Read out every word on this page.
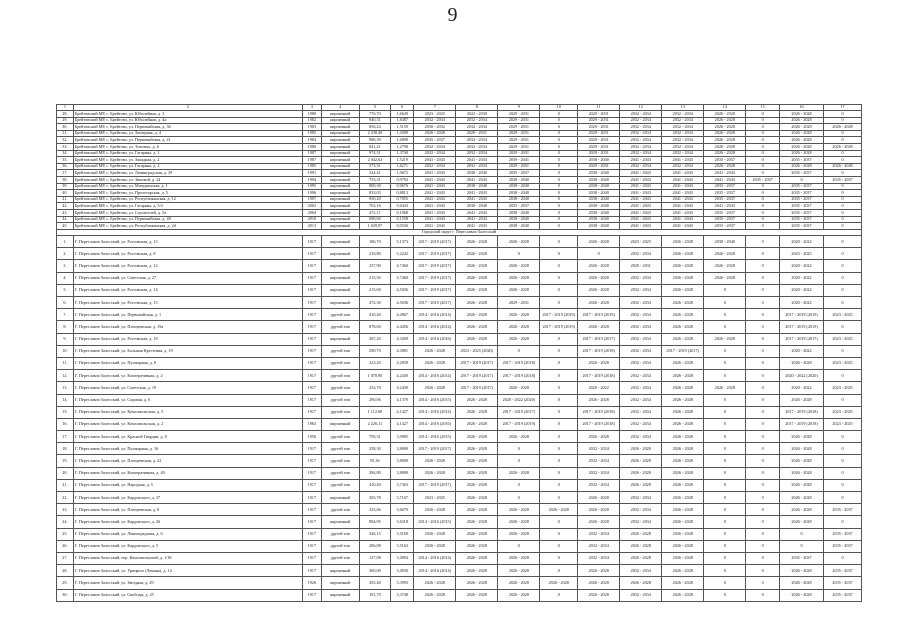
9
1	2	3	4	5	6	7	8	9	10	11	12	13	14	15	16	17
28.	Брейтовский МР, с. Брейтово, ул. Юбилейная, д. 3	1980	кирпичный	776,70	1,6649	2023 - 2025	2022 - 2030	2029 - 2031	0	2029 - 2031	2032 - 2034	2032 - 2034	2026 - 2028	0	2026 - 2028	0
29.	Брейтовский МР, с. Брейтово, ул. Юбилейная, д. 4а	1982	кирпичный	940,31	1,8487	2032 - 2034	2032 - 2034	2029 - 2031	0	2029 - 2031	2032 - 2034	2032 - 2034	2026 - 2028	0	2026 - 2028	0
30.	Брейтовский МР, с. Брейтово, ул. Первомайская, д. 36	1983	кирпичный	856,24	1,5159	2030 - 2032	2032 - 2034	2029 - 2031	0	2029 - 2031	2032 - 2034	2032 - 2034	2026 - 2028	0	2026 - 2028	2026 - 2028
31.	Брейтовский МР, с. Брейтово, ул. Заозерная, д. 4	1985	кирпичный	2 238,40	1,4309	2026 - 2028	2029 - 2031	2029 - 2031	0	2029 - 2031	2032 - 2034	2032 - 2034	2026 - 2028	0	2026 - 2028	0
32.	Брейтовский МР, с. Брейтово, ул. Первомайская, д. 41	1984	кирпичный	986,39	1,6898	2035 - 2037	2032 - 2034	2029 - 2031	0	2029 - 2031	2032 - 2034	2032 - 2034	2026 - 2028	0	2026 - 2028	0
33.	Брейтовский МР, с. Брейтово, ул. Титовых, д. 6	1986	кирпичный	841,21	1,2798	2032 - 2034	2032 - 2034	2029 - 2031	0	2029 - 2031	2032 - 2034	2032 - 2034	2026 - 2028	0	2026 - 2028	2026 - 2028
34.	Брейтовский МР, с. Брейтово, ул. Гагарина, д. 1	1987	кирпичный	974,31	1,3740	2032 - 2034	2032 - 2034	2029 - 2031	0	2029 - 2031	2032 - 2034	2032 - 2034	2026 - 2028	0	2026 - 2028	0
35.	Брейтовский МР, с. Брейтово, ул. Западная, д. 2	1987	кирпичный	2 042,62	1,5219	2041 - 2043	2041 - 2043	2039 - 2041	0	2038 - 2040	2041 - 2043	2041 - 2043	2035 - 2037	0	2035 - 2037	0
36.	Брейтовский МР, с. Брейтово, ул. Гагарина, д. 2	1985	кирпичный	573,31	1,6271	2032 - 2034	2032 - 2034	2029 - 2031	0	2029 - 2031	2032 - 2034	2032 - 2034	2026 - 2028	0	2026 - 2028	2026 - 2028
37.	Брейтовский МР, с. Брейтово, ул. Ленинградская, д. 39	1991	кирпичный	324,41	1,0672	2041 - 2043	2038 - 2040	2035 - 2037	0	2038 - 2040	2041 - 2043	2041 - 2043	2041 - 2043	0	2035 - 2037	0
38.	Брейтовский МР, с. Брейтово, ул. Зиновой, д. 24	1994	кирпичный	753,31	0,9792	2041 - 2043	2041 - 2043	2038 - 2040	0	2038 - 2040	2041 - 2043	2041 - 2043	2041 - 2043	2035 - 2037	0	2035 - 2037
39.	Брейтовский МР, с. Брейтово, ул. Мичуринская, д. 1	1995	кирпичный	800,30	0,9676	2041 - 2043	2038 - 2040	2038 - 2040	0	2038 - 2040	2041 - 2043	2041 - 2043	2035 - 2037	0	2035 - 2037	0
40.	Брейтовский МР, с. Брейтово, ул. Пролетарская, д. 5	1996	кирпичный	833,03	0,8813	2041 - 2043	2041 - 2043	2038 - 2040	0	2038 - 2040	2041 - 2043	2041 - 2043	2035 - 2037	0	2035 - 2037	0
41.	Брейтовский МР, с. Брейтово, ул. Республиканская, д. 12	1997	кирпичный	950,20	0,7055	2041 - 2043	2041 - 2043	2038 - 2040	0	2038 - 2040	2041 - 2043	2041 - 2043	2035 - 2037	0	2035 - 2037	0
42.	Брейтовский МР, с. Брейтово, ул. Гагарина, д. 5/4	2002	кирпичный	702,16	0,6443	2041 - 2043	2038 - 2040	2035 - 2037	0	2038 - 2040	2041 - 2043	2041 - 2043	2041 - 2043	0	2035 - 2037	0
43.	Брейтовский МР, с. Брейтово, ул. Строителей, д. 5а	2004	кирпичный	472,11	0,1968	2041 - 2043	2041 - 2043	2038 - 2040	0	2038 - 2040	2041 - 2043	2041 - 2043	2035 - 2037	0	2035 - 2037	0
44.	Брейтовский МР, с. Брейтово, ул. Первомайская, д. 48	2010	кирпичный	690,60	0,1558	2041 - 2043	2041 - 2043	2038 - 2040	0	2038 - 2040	2041 - 2043	2041 - 2043	2035 - 2037	0	2035 - 2037	0
45.	Брейтовский МР, с. Брейтово, ул. Республиканская, д. 2d	2013	кирпичный	1 639,97	0,0336	2041 - 2043	2041 - 2043	2038 - 2040	0	2038 - 2040	2041 - 2043	2041 - 2043	2035 - 2037	0	2035 - 2037	0
Городской округ г. Переславль-Залесский																
1.	Г. Переславль-Залесский, ул. Ростовская, д. 13	1917	кирпичный	186,70	5,1373	2017 - 2019 (2017)	2026 - 2028	2026 - 2028	0	2026 - 2028	2023 - 2025	2026 - 2028	2038 - 2040	0	2020 - 2022	0
2.	Г. Переславль-Залесский, ул. Ростовская, д. 8	1917	кирпичный	210,80	5,2242	2017 - 2019 (2017)	2026 - 2028	0	0	0	2032 - 2034	2026 - 2028	2026 - 2028	0	2023 - 2025	0
3.	Г. Переславль-Залесский, ул. Ростовская, д. 12	1917	кирпичный	237,90	4,7460	2017 - 2019 (2017)	2026 - 2028	2026 - 2028	0	2026 - 2028	2029 - 2031	2026 - 2028	2026 - 2028	0	2020 - 2022	0
4.	Г. Переславль-Залесский, ул. Советская, д. 27	1917	кирпичный	213,50	4,7460	2017 - 2019 (2017)	2026 - 2028	2026 - 2028	0	2026 - 2028	2032 - 2034	2026 - 2028	2026 - 2028	0	2020 - 2022	0
5.	Г. Переславль-Залесский, ул. Ростовская, д. 14	1917	кирпичный	215,60	4,5036	2017 - 2019 (2017)	2026 - 2028	2026 - 2028	0	2026 - 2028	2032 - 2034	2026 - 2028	0	0	2020 - 2022	0
6.	Г. Переславль-Залесский, ул. Ростовская, д. 15	1917	кирпичный	472,30	4,5036	2017 - 2019 (2017)	2026 - 2028	2029 - 2031	0	2026 - 2028	2032 - 2034	2026 - 2028	0	0	2020 - 2022	0
7.	Г. Переславль-Залесский, ул. Первомайская, д. 1	1917	другой тип	410,40	4,4967	2014 - 2016 (2014)	2026 - 2028	2026 - 2028	2017 - 2019 (2019)	2017 - 2019 (2019)	2032 - 2034	2026 - 2028	0	0	2017 - 2019 (2019)	2023 - 2025
8.	Г. Переславль-Залесский, ул. Плещеевская, д. 19а	1917	другой тип	878,60	4,4456	2014 - 2016 (2014)	2026 - 2028	2026 - 2028	2017 - 2019 (2019)	2026 - 2028	2032 - 2034	2026 - 2028	0	0	2017 - 2019 (2019)	0
9.	Г. Переславль-Залесский, ул. Ростовская, д. 18	1917	кирпичный	367,20	4,3269	2014 - 2016 (2016)	2026 - 2028	2026 - 2028	0	2017 - 2019 (2017)	2032 - 2034	2026 - 2028	2026 - 2028	0	2017 - 2019 (2017)	2023 - 2025
10.	Г. Переславль-Залесский, ул. Большая Крестовая, д. 19	1917	другой тип	290,70	4,3081	2026 - 2028	2023 - 2025 (2020)	0	0	2017 - 2019 (2018)	2032 - 2034	2017 - 2019 (2017)	0	0	2020 - 2022	0
11.	Г. Переславль-Залесский, ул. Пушкарная, д. 8	1917	другой тип	223,20	4,2839	2026 - 2028	2017 - 2019 (2017)	2017 - 2019 (2018)	0	2026 - 2028	2032 - 2034	2026 - 2028	0	0	2026 - 2028	2023 - 2025
12.	Г. Переславль-Залесский, ул. Кооперативная, д. 2	1917	другой тип	1 070,90	4,2430	2014 - 2016 (2014)	2017 - 2019 (2017)	2017 - 2019 (2018)	0	2017 - 2019 (2018)	2032 - 2034	2026 - 2028	0	0	2020 - 2022 (2020)	0
13.	Г. Переславль-Залесский, ул. Советская, д. 19	1917	другой тип	233,70	4,2430	2026 - 2028	2017 - 2019 (2017)	2026 - 2028	0	2020 - 2022	2032 - 2034	2026 - 2028	2026 - 2028	0	2020 - 2022	2023 - 2025
14.	Г. Переславль-Залесский, ул. Садовая, д. 6	1917	другой тип	290,06	4,1370	2014 - 2016 (2015)	2026 - 2028	2020 - 2022 (2020)	0	2026 - 2028	2032 - 2034	2026 - 2028	0	0	2026 - 2028	0
15.	Г. Переславль-Залесский, ул. Комсомольская, д. 5	1917	другой тип	1 112,00	4,1427	2014 - 2016 (2014)	2026 - 2028	2017 - 2019 (2017)	0	2017 - 2019 (2018)	2032 - 2034	2026 - 2028	0	0	2017 - 2019 (2018)	2023 - 2025
16.	Г. Переславль-Залесский, ул. Комсомольская, д. 2	1963	кирпичный	2 226,11	4,1427	2014 - 2016 (2016)	2026 - 2028	2017 - 2019 (2019)	0	2017 - 2019 (2018)	2032 - 2034	2026 - 2028	0	0	2017 - 2019 (2018)	2023 - 2025
17.	Г. Переславль-Залесский, ул. Красной Гвардии, д. 8	1956	другой тип	795,31	3,9985	2014 - 2016 (2015)	2026 - 2028	2026 - 2028	0	2026 - 2028	2032 - 2034	2026 - 2028	0	0	2026 - 2028	0
18.	Г. Переславль-Залесский, ул. Пушкарная, д. 16	1917	другой тип	258,30	3,8690	2017 - 2019 (2017)	2026 - 2028	0	0	2032 - 2034	2026 - 2028	2026 - 2028	0	0	2026 - 2028	0
19.	Г. Переславль-Залесский, ул. Плещеевская, д. 22	1917	другой тип	95,36	3,8690	2026 - 2028	2026 - 2028	0	0	2032 - 2034	2026 - 2028	2026 - 2028	0	0	2026 - 2028	0
20.	Г. Переславль-Залесский, ул. Кооперативная, д. 40	1917	другой тип	284,80	3,8690	2026 - 2028	2026 - 2028	2026 - 2028	0	2032 - 2034	2026 - 2028	2026 - 2028	0	0	2026 - 2028	0
21.	Г. Переславль-Залесский, ул. Народная, д. 5	1917	другой тип	410,40	3,7363	2017 - 2019 (2017)	2026 - 2028	0	0	2032 - 2034	2026 - 2028	2026 - 2028	0	0	2026 - 2028	0
22.	Г. Переславль-Залесский, ул. Кардовского, д. 37	1917	кирпичный	303,78	3,7167	2023 - 2025	2026 - 2028	0	0	2026 - 2028	2032 - 2034	2026 - 2028	0	0	2026 - 2028	0
23.	Г. Переславль-Залесский, ул. Плещеевская, д. 8	1917	другой тип	325,66	3,6679	2026 - 2028	2026 - 2028	2026 - 2028	2026 - 2028	2026 - 2028	2032 - 2034	2026 - 2028	0	0	2026 - 2028	2035 - 2037
24.	Г. Переславль-Залесский, ул. Кардовского, д. 26	1917	кирпичный	904,95	3,6318	2014 - 2016 (2015)	2026 - 2028	2026 - 2028	0	2026 - 2028	2032 - 2034	2026 - 2028	0	0	2026 - 2028	0
25.	Г. Переславль-Залесский, ул. Ленинградская, д. 6	1917	другой тип	326,15	3,5169	2026 - 2028	2026 - 2028	2026 - 2028	0	2032 - 2034	2026 - 2028	2026 - 2028	0	0	0	2035 - 2037
26.	Г. Переславль-Залесский, ул. Кардовского, д. 5	1917	другой тип	286,08	3,5163	2026 - 2028	2026 - 2028	0	0	2032 - 2034	2026 - 2028	2026 - 2028	0	0	0	2035 - 2037
27.	Г. Переславль-Залесский, пер. Комсомольский, д. 1/18	1917	другой тип	127,08	3,4994	2014 - 2016 (2014)	2026 - 2028	2026 - 2028	0	2032 - 2034	2026 - 2028	2026 - 2028	0	0	2035 - 2037	0
28.	Г. Переславль-Залесский, ул. Урицкого (Ленина), д. 14	1917	кирпичный	360,00	3,4930	2014 - 2016 (2014)	2026 - 2028	2026 - 2028	0	2026 - 2028	2032 - 2034	2026 - 2028	0	0	2026 - 2028	2035 - 2037
29.	Г. Переславль-Залесский, ул. Звездная, д. 29	1926	кирпичный	455,40	3,3993	2026 - 2028	2026 - 2028	2026 - 2028	2026 - 2028	2026 - 2028	2026 - 2028	2026 - 2028	0	0	2026 - 2028	2035 - 2037
30.	Г. Переславль-Залесский, ул. Свободы, д. 25	1917	кирпичный	191,70	3,3748	2026 - 2028	2026 - 2028	2026 - 2028	0	2026 - 2028	2032 - 2034	2026 - 2028	0	0	2026 - 2028	2035 - 2037
